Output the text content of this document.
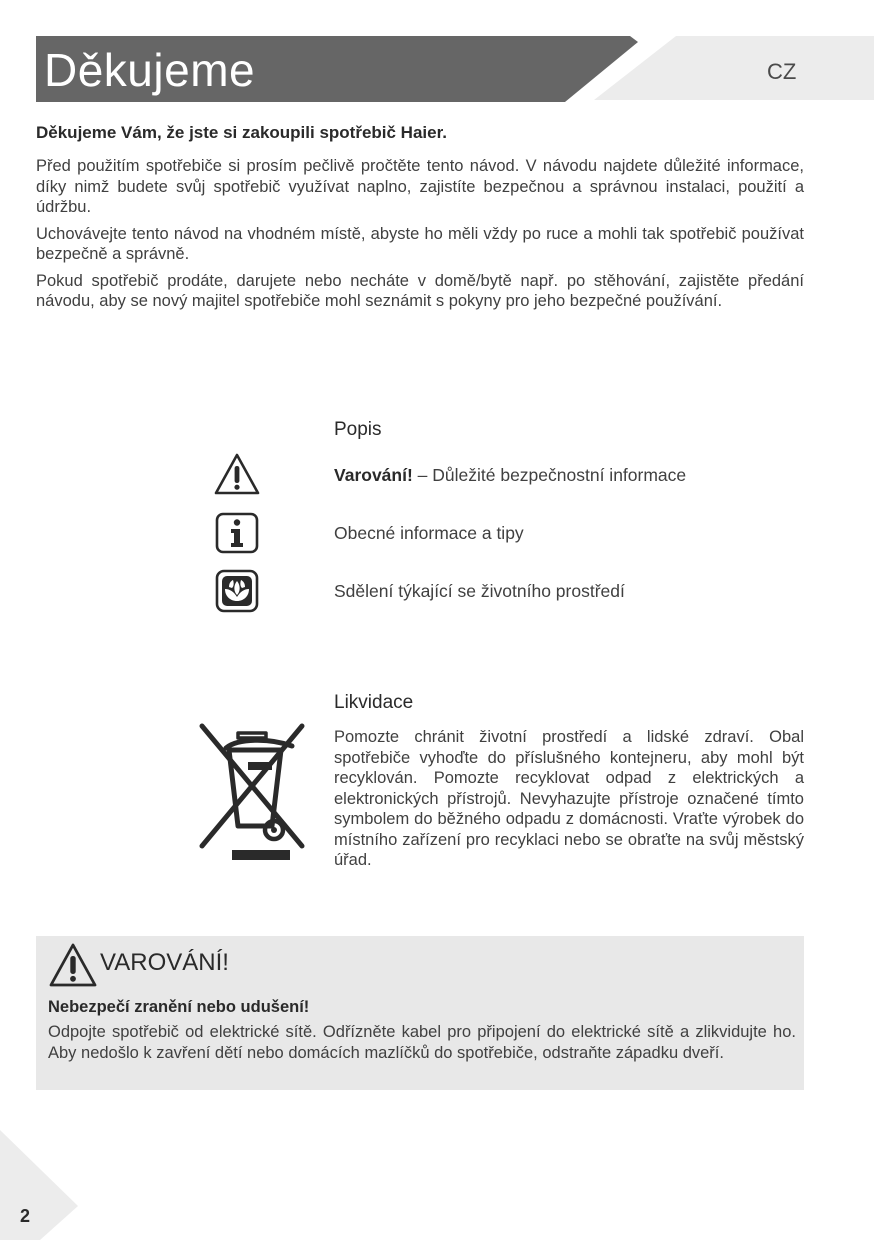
Děkujeme	CZ
Děkujeme Vám, že jste si zakoupili spotřebič Haier.

Před použitím spotřebiče si prosím pečlivě pročtěte tento návod. V návodu najdete důležité informace, díky nimž budete svůj spotřebič využívat naplno, zajistíte bezpečnou a správnou instalaci, použití a údržbu.

Uchovávejte tento návod na vhodném místě, abyste ho měli vždy po ruce a mohli tak spotřebič používat bezpečně a správně.

Pokud spotřebič prodáte, darujete nebo necháte v domě/bytě např. po stěhování, zajistěte předání návodu, aby se nový majitel spotřebiče mohl seznámit s pokyny pro jeho bezpečné používání.

Popis
Varování! – Důležité bezpečnostní informace
Obecné informace a tipy
Sdělení týkající se životního prostředí
Likvidace
Pomozte chránit životní prostředí a lidské zdraví. Obal spotřebiče vyhoďte do příslušného kontejneru, aby mohl být recyklován. Pomozte recyklovat odpad z elektrických a elektronických přístrojů. Nevyhazujte přístroje označené tímto symbolem do běžného odpadu z domácnosti. Vraťte výrobek do místního zařízení pro recyklaci nebo se obraťte na svůj městský úřad.
VAROVÁNÍ!
Nebezpečí zranění nebo udušení!
Odpojte spotřebič od elektrické sítě. Odřízněte kabel pro připojení do elektrické sítě a zlikvidujte ho. Aby nedošlo k zavření dětí nebo domácích mazlíčků do spotřebiče, odstraňte západku dveří.
2
